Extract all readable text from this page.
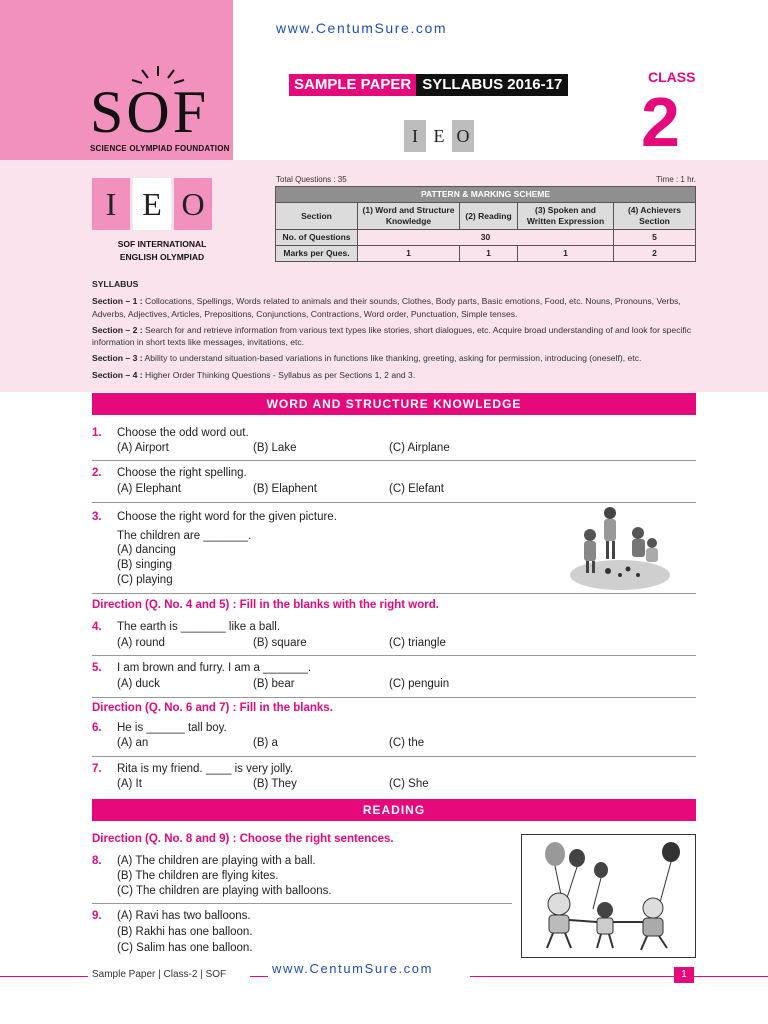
www.CentumSure.com
SOF
SCIENCE OLYMPIAD FOUNDATION
SAMPLE PAPER SYLLABUS 2016-17	CLASS
2
I E O
I E O
SOF INTERNATIONAL
ENGLISH OLYMPIAD
Total Questions : 35	Time : 1 hr.
PATTERN & MARKING SCHEME				
Section	(1) Word and Structure Knowledge	(2) Reading	(3) Spoken and Written Expression	(4) Achievers Section
No. of Questions	30			5
Marks per Ques.	1	1	1	2
SYLLABUS

Section – 1 : Collocations, Spellings, Words related to animals and their sounds, Clothes, Body parts, Basic emotions, Food, etc. Nouns, Pronouns, Verbs, Adverbs, Adjectives, Articles, Prepositions, Conjunctions, Contractions, Word order, Punctuation, Simple tenses.

Section – 2 : Search for and retrieve information from various text types like stories, short dialogues, etc. Acquire broad understanding of and look for specific information in short texts like messages, invitations, etc.

Section – 3 : Ability to understand situation-based variations in functions like thanking, greeting, asking for permission, introducing (oneself), etc.

Section – 4 : Higher Order Thinking Questions - Syllabus as per Sections 1, 2 and 3.

WORD AND STRUCTURE KNOWLEDGE
1. Choose the odd word out.
(A) Airport	(B) Lake	(C) Airplane
2. Choose the right spelling.
(A) Elephant	(B) Elaphent	(C) Elefant
3. Choose the right word for the given picture.
The children are _______.
(A) dancing
(B) singing
(C) playing
Direction (Q. No. 4 and 5) : Fill in the blanks with the right word.
4. The earth is _______ like a ball.
(A) round	(B) square	(C) triangle
5. I am brown and furry. I am a _______.
(A) duck	(B) bear	(C) penguin
Direction (Q. No. 6 and 7) : Fill in the blanks.
6. He is ______ tall boy.
(A) an	(B) a	(C) the
7. Rita is my friend. ____ is very jolly.
(A) It	(B) They	(C) She
READING
Direction (Q. No. 8 and 9) : Choose the right sentences.
8. (A) The children are playing with a ball.
(B) The children are flying kites.
(C) The children are playing with balloons.
9. (A) Ravi has two balloons.
(B) Rakhi has one balloon.
(C) Salim has one balloon.
Sample Paper | Class-2 | SOF	www.CentumSure.com	1
